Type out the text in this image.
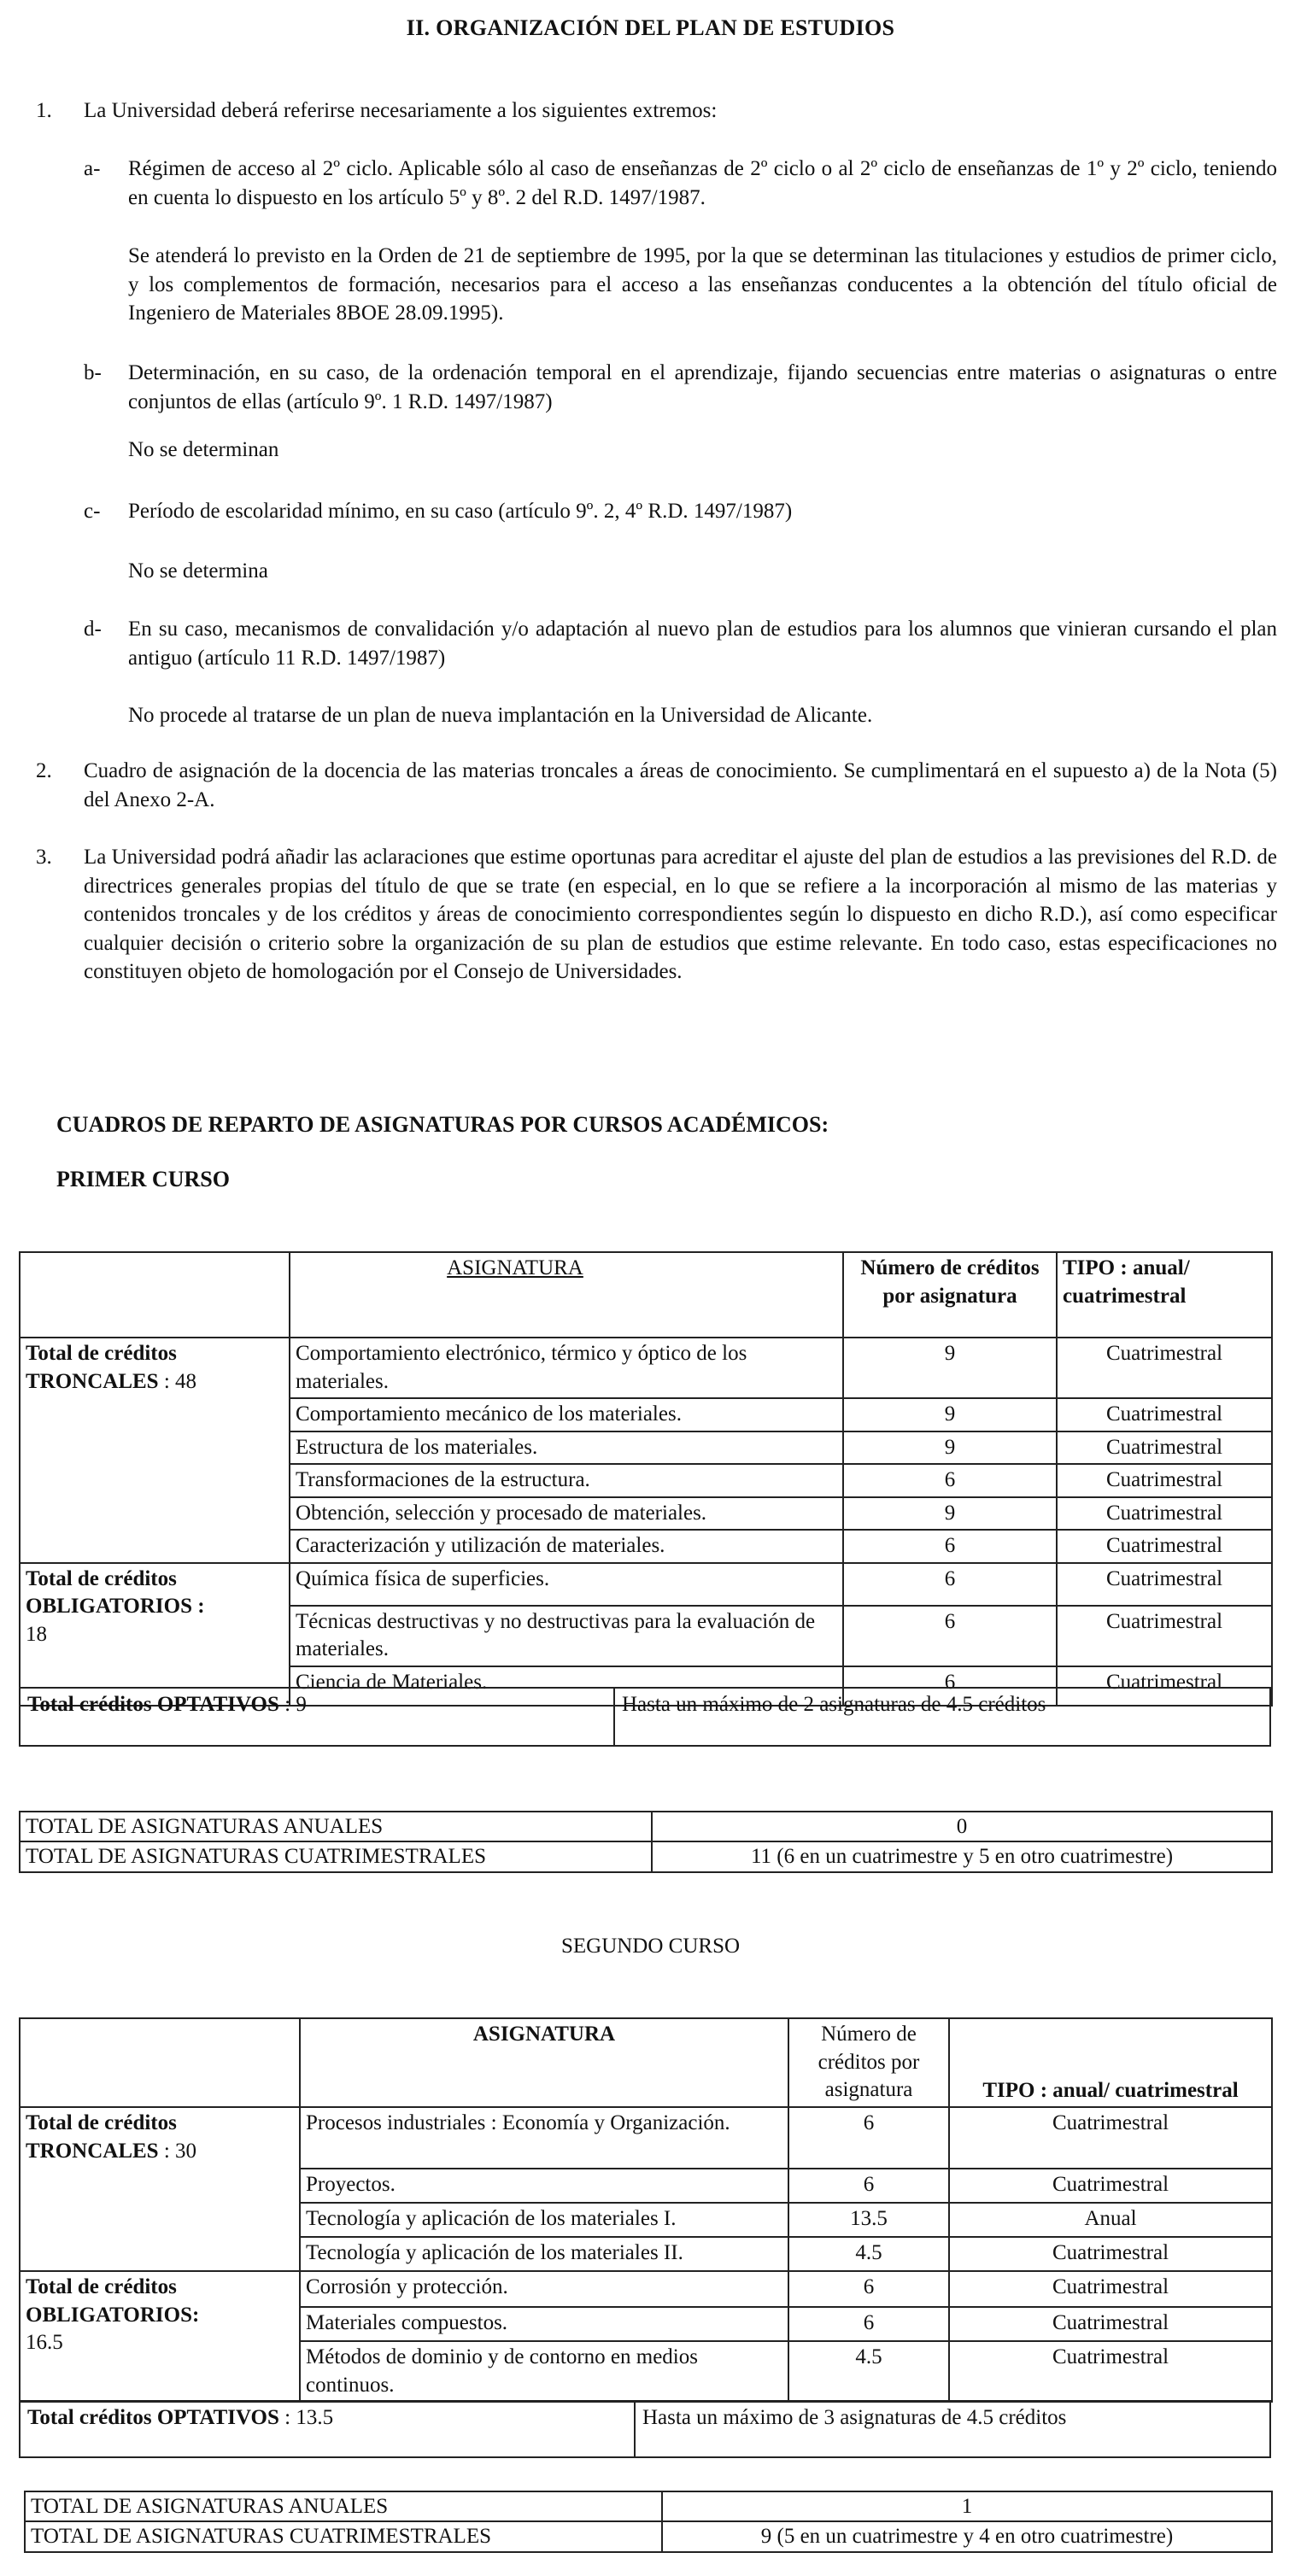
II. ORGANIZACIÓN DEL PLAN DE ESTUDIOS
1.	La Universidad deberá referirse necesariamente a los siguientes extremos:
a- Régimen de acceso al 2º ciclo. Aplicable sólo al caso de enseñanzas de 2º ciclo o al 2º ciclo de enseñanzas de 1º y 2º ciclo, teniendo en cuenta lo dispuesto en los artículo 5º y 8º. 2 del R.D. 1497/1987.
Se atenderá lo previsto en la Orden de 21 de septiembre de 1995, por la que se determinan las titulaciones y estudios de primer ciclo, y los complementos de formación, necesarios para el acceso a las enseñanzas conducentes a la obtención del título oficial de Ingeniero de Materiales 8BOE 28.09.1995).
b- Determinación, en su caso, de la ordenación temporal en el aprendizaje, fijando secuencias entre materias o asignaturas o entre conjuntos de ellas (artículo 9º. 1 R.D. 1497/1987)
No se determinan
c- Período de escolaridad mínimo, en su caso (artículo 9º. 2, 4º R.D. 1497/1987)
No se determina
d- En su caso, mecanismos de convalidación y/o adaptación al nuevo plan de estudios para los alumnos que vinieran cursando el plan antiguo (artículo 11 R.D. 1497/1987)
No procede al tratarse de un plan de nueva implantación en la Universidad de Alicante.
2.	Cuadro de asignación de la docencia de las materias troncales a áreas de conocimiento. Se cumplimentará en el supuesto a) de la Nota (5) del Anexo 2-A.
3.	La Universidad podrá añadir las aclaraciones que estime oportunas para acreditar el ajuste del plan de estudios a las previsiones del R.D. de directrices generales propias del título de que se trate (en especial, en lo que se refiere a la incorporación al mismo de las materias y contenidos troncales y de los créditos y áreas de conocimiento correspondientes según lo dispuesto en dicho R.D.), así como especificar cualquier decisión o criterio sobre la organización de su plan de estudios que estime relevante. En todo caso, estas especificaciones no constituyen objeto de homologación por el Consejo de Universidades.
CUADROS DE REPARTO DE ASIGNATURAS POR CURSOS ACADÉMICOS:
PRIMER CURSO
	ASIGNATURA	Número de créditos por asignatura	TIPO : anual/ cuatrimestral
Total de créditos TRONCALES : 48	Comportamiento electrónico, térmico y óptico de los materiales.	9	Cuatrimestral
	Comportamiento mecánico de los materiales.	9	Cuatrimestral
	Estructura de los materiales.	9	Cuatrimestral
	Transformaciones de la estructura.	6	Cuatrimestral
	Obtención, selección y procesado de materiales.	9	Cuatrimestral
	Caracterización y utilización de materiales.	6	Cuatrimestral
Total de créditos OBLIGATORIOS :
18	Química física de superficies.	6	Cuatrimestral
	Técnicas destructivas y no destructivas para la evaluación de materiales.	6	Cuatrimestral
	Ciencia de Materiales.	6	Cuatrimestral
Total créditos OPTATIVOS : 9	Hasta un máximo de 2 asignaturas de 4.5 créditos
TOTAL DE ASIGNATURAS ANUALES	0
TOTAL DE ASIGNATURAS CUATRIMESTRALES	11 (6 en un cuatrimestre y 5 en otro cuatrimestre)
SEGUNDO CURSO
	ASIGNATURA	Número de créditos por asignatura	TIPO : anual/ cuatrimestral
Total de créditos TRONCALES : 30	Procesos industriales : Economía y Organización.	6	Cuatrimestral
	Proyectos.	6	Cuatrimestral
	Tecnología y aplicación de los materiales I.	13.5	Anual
	Tecnología y aplicación de los materiales II.	4.5	Cuatrimestral
Total de créditos OBLIGATORIOS:
16.5	Corrosión y protección.	6	Cuatrimestral
	Materiales compuestos.	6	Cuatrimestral
	Métodos de dominio y de contorno en medios continuos.	4.5	Cuatrimestral
Total créditos OPTATIVOS : 13.5	Hasta un máximo de 3 asignaturas de 4.5 créditos
TOTAL DE ASIGNATURAS ANUALES	1
TOTAL DE ASIGNATURAS CUATRIMESTRALES	9 (5 en un cuatrimestre y 4 en otro cuatrimestre)
